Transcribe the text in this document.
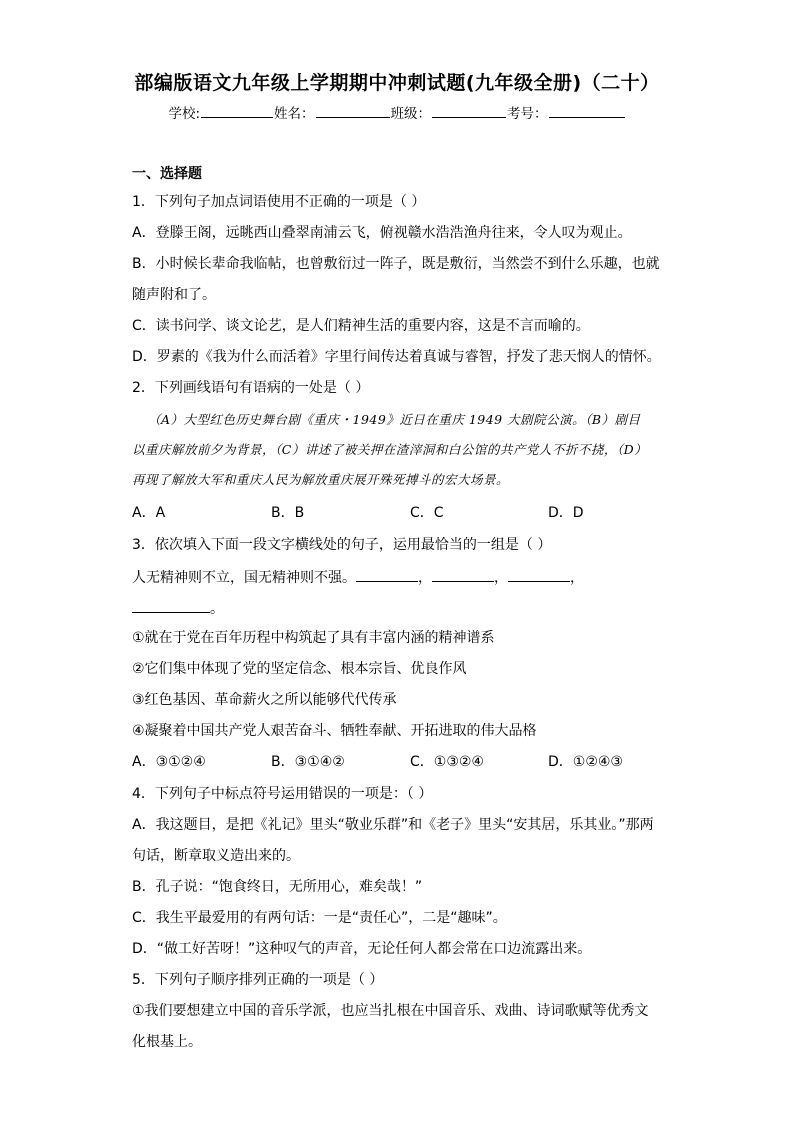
部编版语文九年级上学期期中冲刺试题(九年级全册)（二十）
学校:	姓名：	班级：	考号：
一、选择题
1．下列句子加点词语使用不正确的一项是（ ）
A．登滕王阁，远眺西山叠翠南浦云飞，俯视赣水浩浩渔舟往来，令人叹为观止。
B．小时候长辈命我临帖，也曾敷衍过一阵子，既是敷衍，当然尝不到什么乐趣，也就
随声附和了。
C．读书问学、谈文论艺，是人们精神生活的重要内容，这是不言而喻的。
D．罗素的《我为什么而活着》字里行间传达着真诚与睿智，抒发了悲天悯人的情怀。
2．下列画线语句有语病的一处是（ ）
（A）大型红色历史舞台剧《重庆・1949》近日在重庆 1949 大剧院公演。（B）剧目
以重庆解放前夕为背景，（C）讲述了被关押在渣滓洞和白公馆的共产党人不折不挠，（D）
再现了解放大军和重庆人民为解放重庆展开殊死搏斗的宏大场景。
A．A	B．B	C．C	D．D
3．依次填入下面一段文字横线处的句子，运用最恰当的一组是（ ）
人无精神则不立，国无精神则不强。	，	，	，
。
①就在于党在百年历程中构筑起了具有丰富内涵的精神谱系
②它们集中体现了党的坚定信念、根本宗旨、优良作风
③红色基因、革命薪火之所以能够代代传承
④凝聚着中国共产党人艰苦奋斗、牺牲奉献、开拓进取的伟大品格
A．③①②④	B．③①④②	C．①③②④	D．①②④③
4．下列句子中标点符号运用错误的一项是：（ ）
A．我这题目，是把《礼记》里头“敬业乐群”和《老子》里头“安其居，乐其业。”那两
句话，断章取义造出来的。
B．孔子说：“饱食终日，无所用心，难矣哉！”
C．我生平最爱用的有两句话：一是“责任心”，二是“趣味”。
D．“做工好苦呀！”这种叹气的声音，无论任何人都会常在口边流露出来。
5．下列句子顺序排列正确的一项是（ ）
①我们要想建立中国的音乐学派，也应当扎根在中国音乐、戏曲、诗词歌赋等优秀文
化根基上。
